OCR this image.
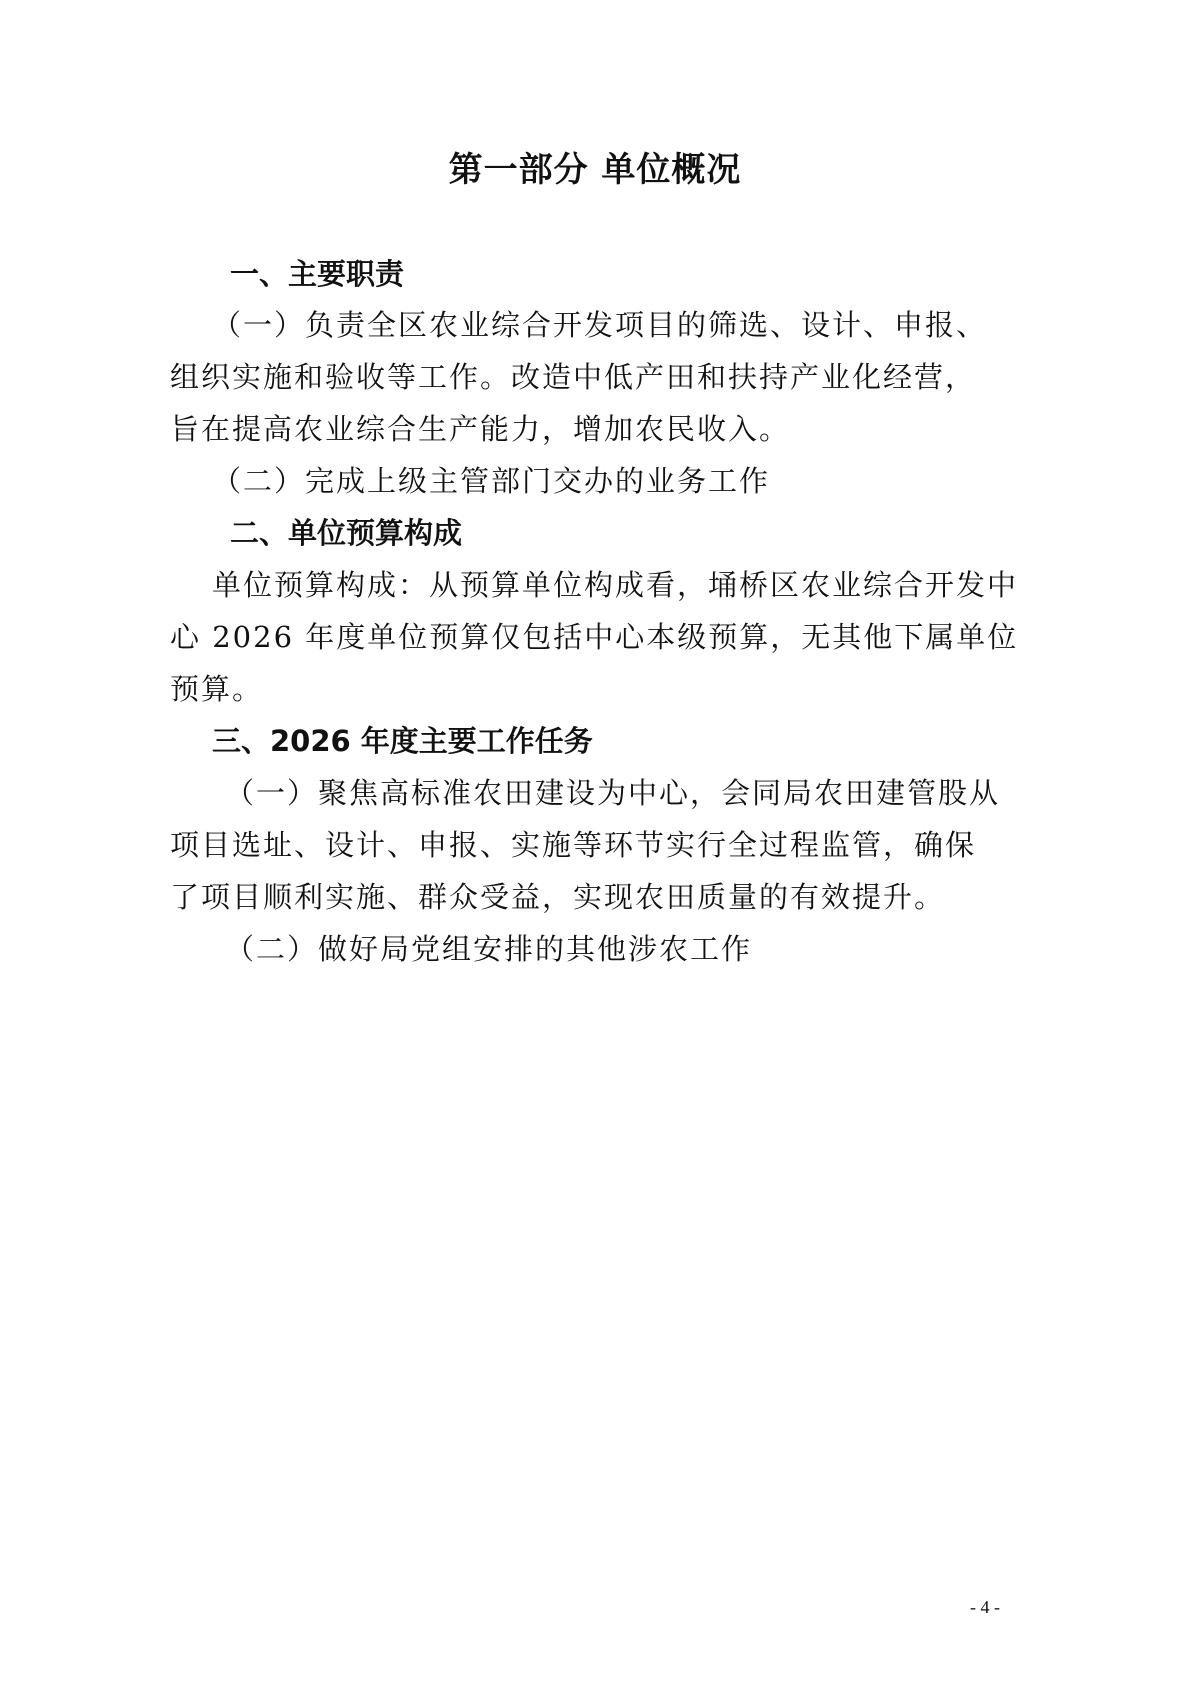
第一部分 单位概况
一、主要职责
（一）负责全区农业综合开发项目的筛选、设计、申报、
组织实施和验收等工作。改造中低产田和扶持产业化经营，
旨在提高农业综合生产能力，增加农民收入。
（二）完成上级主管部门交办的业务工作
二、单位预算构成
单位预算构成：从预算单位构成看，埇桥区农业综合开发中
心 2026 年度单位预算仅包括中心本级预算，无其他下属单位
预算。
三、2026 年度主要工作任务
（一）聚焦高标准农田建设为中心，会同局农田建管股从
项目选址、设计、申报、实施等环节实行全过程监管，确保
了项目顺利实施、群众受益，实现农田质量的有效提升。
（二）做好局党组安排的其他涉农工作
- 4 -
